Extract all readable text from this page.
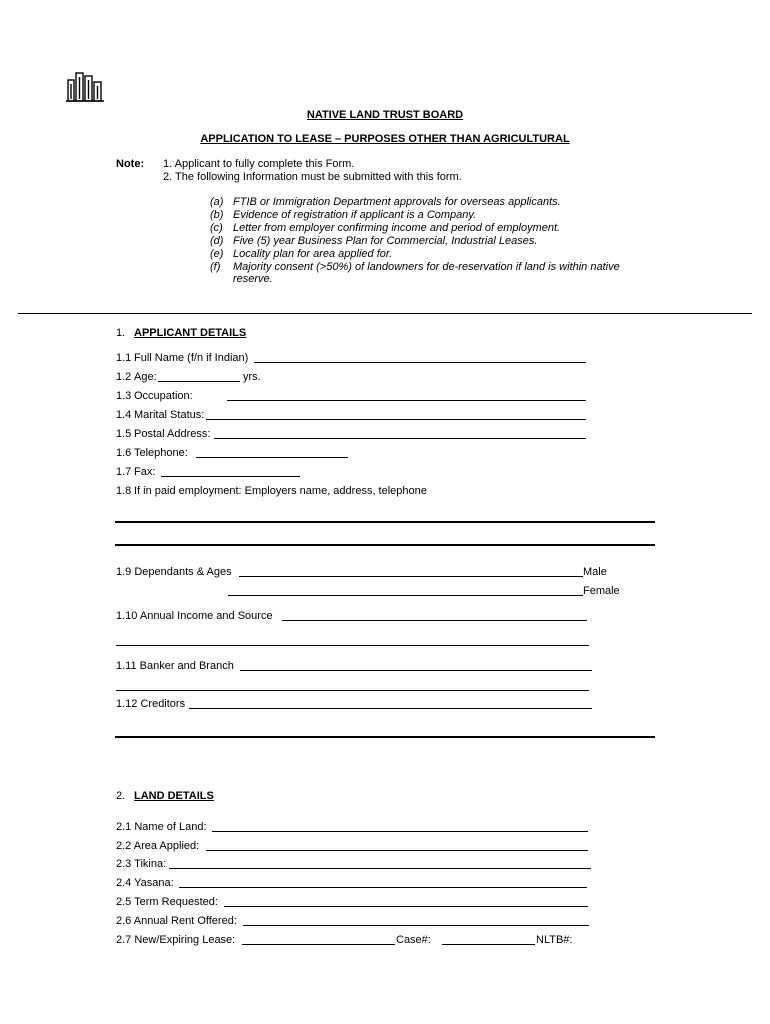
NATIVE LAND TRUST BOARD
APPLICATION TO LEASE – PURPOSES OTHER THAN AGRICULTURAL
Note: 1. Applicant to fully complete this Form.
2. The following Information must be submitted with this form.
(a) FTIB or Immigration Department approvals for overseas applicants.
(b) Evidence of registration if applicant is a Company.
(c) Letter from employer confirming income and period of employment.
(d) Five (5) year Business Plan for Commercial, Industrial Leases.
(e) Locality plan for area applied for.
(f) Majority consent (>50%) of landowners for de-reservation if land is within native
reserve.
1. APPLICANT DETAILS
1.1 Full Name (f/n if Indian)
1.2 Age:	yrs.
1.3 Occupation:
1.4 Marital Status:
1.5 Postal Address:
1.6 Telephone:
1.7 Fax:
1.8 If in paid employment: Employers name, address, telephone
1.9 Dependants & Ages	Male
Female
1.10 Annual Income and Source
1.11 Banker and Branch
1.12 Creditors
2. LAND DETAILS
2.1 Name of Land:
2.2 Area Applied:
2.3 Tikina:
2.4 Yasana:
2.5 Term Requested:
2.6 Annual Rent Offered:
2.7 New/Expiring Lease:	Case#:	NLTB#:
